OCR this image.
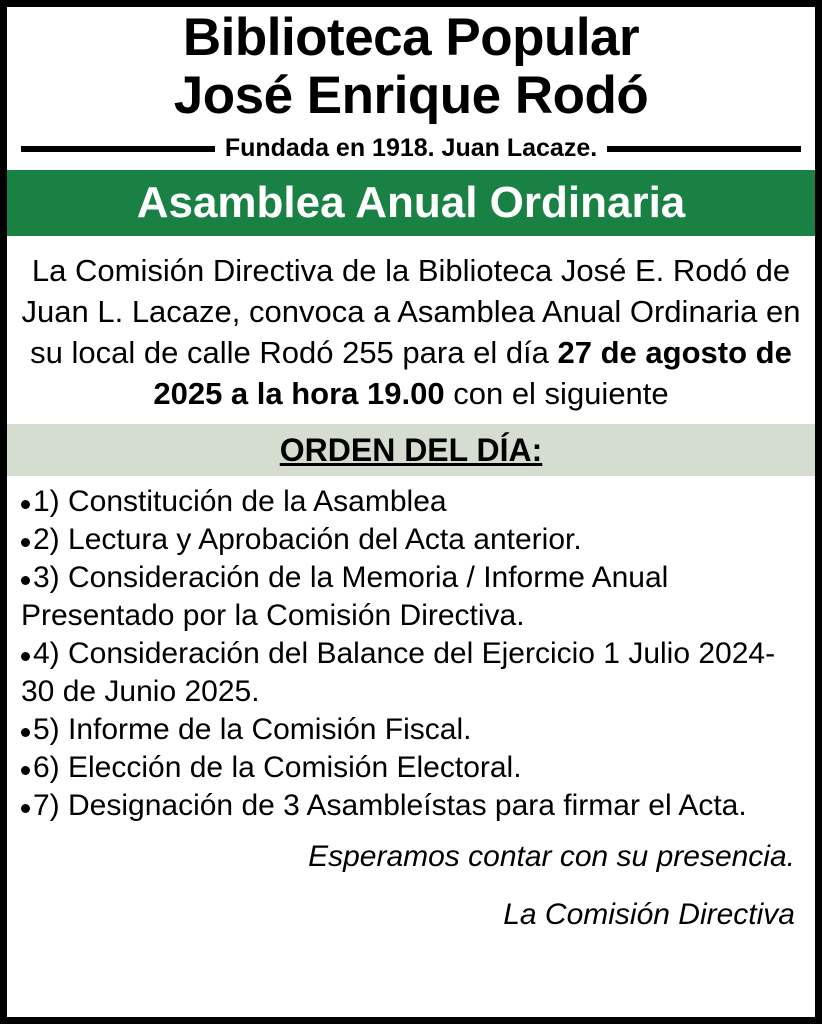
Biblioteca Popular
José Enrique Rodó
Fundada en 1918. Juan Lacaze.
Asamblea Anual Ordinaria
La Comisión Directiva de la Biblioteca José E. Rodó de Juan L. Lacaze, convoca a Asamblea Anual Ordinaria en su local de calle Rodó 255 para el día 27 de agosto de 2025 a la hora 19.00 con el siguiente
ORDEN DEL DÍA:
1) Constitución de la Asamblea
2) Lectura y Aprobación del Acta anterior.
3) Consideración de la Memoria / Informe Anual Presentado por la Comisión Directiva.
4) Consideración del Balance del Ejercicio 1 Julio 2024-30 de Junio 2025.
5) Informe de la Comisión Fiscal.
6) Elección de la Comisión Electoral.
7) Designación de 3 Asambleístas para firmar el Acta.
Esperamos contar con su presencia.
La Comisión Directiva
